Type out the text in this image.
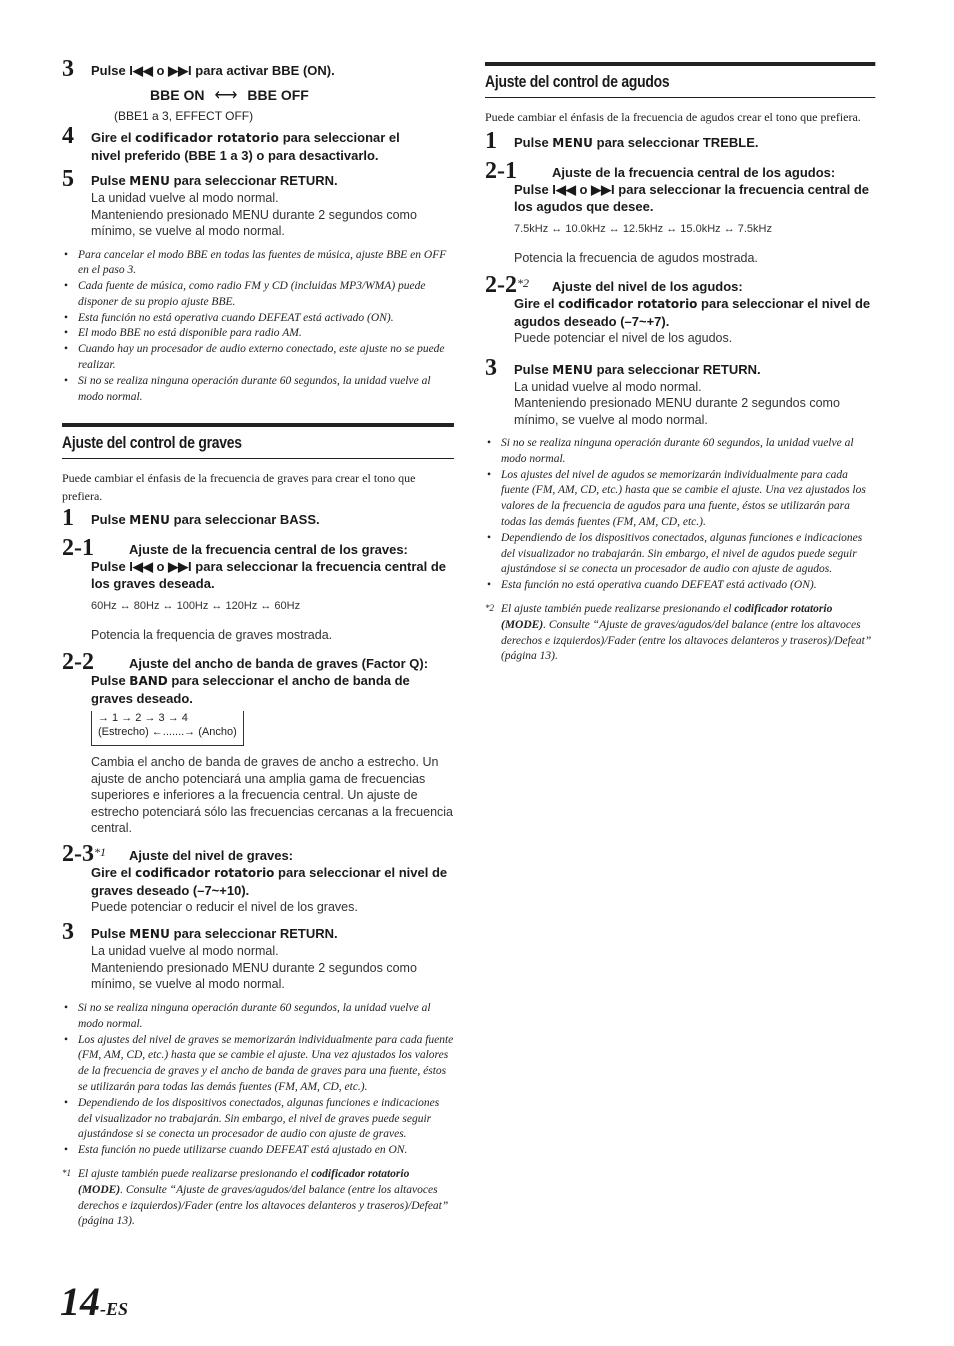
3 Pulse I◀◀ o ▶▶I para activar BBE (ON).
BBE ON ⟷ BBE OFF
(BBE1 a 3, EFFECT OFF)
4 Gire el codificador rotatorio para seleccionar el
nivel preferido (BBE 1 a 3) o para desactivarlo.
5 Pulse MENU para seleccionar RETURN.
La unidad vuelve al modo normal.
Manteniendo presionado MENU durante 2 segundos como mínimo, se vuelve al modo normal.
• Para cancelar el modo BBE en todas las fuentes de música, ajuste BBE en OFF en el paso 3.
• Cada fuente de música, como radio FM y CD (incluidas MP3/WMA) puede disponer de su propio ajuste BBE.
• Esta función no está operativa cuando DEFEAT está activado (ON).
• El modo BBE no está disponible para radio AM.
• Cuando hay un procesador de audio externo conectado, este ajuste no se puede realizar.
• Si no se realiza ninguna operación durante 60 segundos, la unidad vuelve al modo normal.
Ajuste del control de graves
Puede cambiar el énfasis de la frecuencia de graves para crear el tono que prefiera.
1 Pulse MENU para seleccionar BASS.
2-1	Ajuste de la frecuencia central de los graves:
Pulse I◀◀ o ▶▶I para seleccionar la frecuencia central de los graves deseada.
60Hz ↔ 80Hz ↔ 100Hz ↔ 120Hz ↔ 60Hz
Potencia la frequencia de graves mostrada.
2-2	Ajuste del ancho de banda de graves (Factor Q):
Pulse BAND para seleccionar el ancho de banda de graves deseado.
→ 1 → 2 → 3 → 4
(Estrecho) ←.......→ (Ancho)
Cambia el ancho de banda de graves de ancho a estrecho. Un ajuste de ancho potenciará una amplia gama de frecuencias superiores e inferiores a la frecuencia central. Un ajuste de estrecho potenciará sólo las frecuencias cercanas a la frecuencia central.
2-3$^{*1}$ Ajuste del nivel de graves:
Gire el codificador rotatorio para seleccionar el nivel de graves deseado (–7~+10).
Puede potenciar o reducir el nivel de los graves.
3 Pulse MENU para seleccionar RETURN.
La unidad vuelve al modo normal.
Manteniendo presionado MENU durante 2 segundos como mínimo, se vuelve al modo normal.
• Si no se realiza ninguna operación durante 60 segundos, la unidad vuelve al modo normal.
• Los ajustes del nivel de graves se memorizarán individualmente para cada fuente (FM, AM, CD, etc.) hasta que se cambie el ajuste. Una vez ajustados los valores de la frecuencia de graves y el ancho de banda de graves para una fuente, éstos se utilizarán para todas las demás fuentes (FM, AM, CD, etc.).
• Dependiendo de los dispositivos conectados, algunas funciones e indicaciones del visualizador no trabajarán. Sin embargo, el nivel de graves puede seguir ajustándose si se conecta un procesador de audio con ajuste de graves.
• Esta función no puede utilizarse cuando DEFEAT está ajustado en ON.
*1 El ajuste también puede realizarse presionando el codificador rotatorio (MODE). Consulte “Ajuste de graves/agudos/del balance (entre los altavoces derechos e izquierdos)/Fader (entre los altavoces delanteros y traseros)/Defeat” (página 13).
Ajuste del control de agudos
Puede cambiar el énfasis de la frecuencia de agudos crear el tono que prefiera.
1 Pulse MENU para seleccionar TREBLE.
2-1	Ajuste de la frecuencia central de los agudos:
Pulse I◀◀ o ▶▶I para seleccionar la frecuencia central de los agudos que desee.
7.5kHz ↔ 10.0kHz ↔ 12.5kHz ↔ 15.0kHz ↔ 7.5kHz
Potencia la frecuencia de agudos mostrada.
2-2$^{*2}$ Ajuste del nivel de los agudos:
Gire el codificador rotatorio para seleccionar el nivel de agudos deseado (–7~+7).
Puede potenciar el nivel de los agudos.
3 Pulse MENU para seleccionar RETURN.
La unidad vuelve al modo normal.
Manteniendo presionado MENU durante 2 segundos como mínimo, se vuelve al modo normal.
• Si no se realiza ninguna operación durante 60 segundos, la unidad vuelve al modo normal.
• Los ajustes del nivel de agudos se memorizarán individualmente para cada fuente (FM, AM, CD, etc.) hasta que se cambie el ajuste. Una vez ajustados los valores de la frecuencia de agudos para una fuente, éstos se utilizarán para todas las demás fuentes (FM, AM, CD, etc.).
• Dependiendo de los dispositivos conectados, algunas funciones e indicaciones del visualizador no trabajarán. Sin embargo, el nivel de agudos puede seguir ajustándose si se conecta un procesador de audio con ajuste de agudos.
• Esta función no está operativa cuando DEFEAT está activado (ON).
*2 El ajuste también puede realizarse presionando el codificador rotatorio (MODE). Consulte “Ajuste de graves/agudos/del balance (entre los altavoces derechos e izquierdos)/Fader (entre los altavoces delanteros y traseros)/Defeat” (página 13).
14-ES
